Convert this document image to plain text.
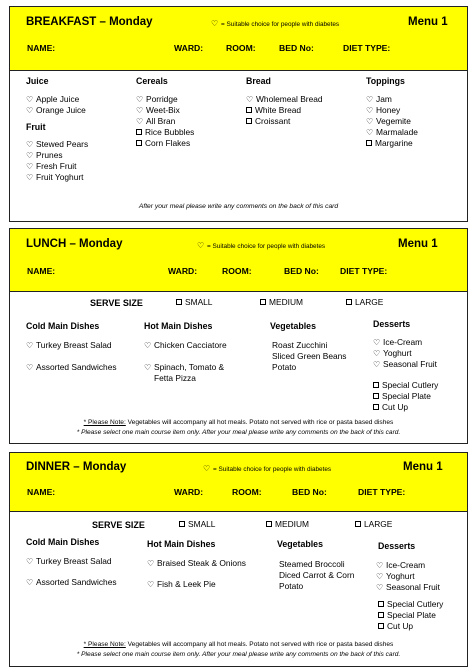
BREAKFAST – Monday	♡ = Suitable choice for people with diabetes	Menu 1
NAME:	WARD:	ROOM:	BED No:	DIET TYPE:
Juice
♡ Apple Juice
♡ Orange Juice
Fruit
♡ Stewed Pears
♡ Prunes
♡ Fresh Fruit
♡ Fruit Yoghurt
Cereals
♡ Porridge
♡ Weet-Bix
♡ All Bran
Rice Bubbles
Corn Flakes
Bread
♡ Wholemeal Bread
White Bread
Croissant
Toppings
♡ Jam
♡ Honey
♡ Vegemite
♡ Marmalade
Margarine
After your meal please write any comments on the back of this card
LUNCH – Monday	♡ = Suitable choice for people with diabetes	Menu 1
NAME:	WARD:	ROOM:	BED No: DIET TYPE:
SERVE SIZE	SMALL	MEDIUM	LARGE
Cold Main Dishes
♡ Turkey Breast Salad
♡ Assorted Sandwiches
Hot Main Dishes
♡ Chicken Cacciatore
♡ Spinach, Tomato &
Fetta Pizza
Vegetables
Roast Zucchini
Sliced Green Beans
Potato
Desserts
♡ Ice-Cream
♡ Yoghurt
♡ Seasonal Fruit
Special Cutlery
Special Plate
Cut Up
* Please Note: Vegetables will accompany all hot meals. Potato not served with rice or pasta based dishes
* Please select one main course item only. After your meal please write any comments on the back of this card.
DINNER – Monday	♡ = Suitable choice for people with diabetes	Menu 1
NAME:	WARD:	ROOM:	BED No:	DIET TYPE:
SERVE SIZE	SMALL	MEDIUM	LARGE
Cold Main Dishes
♡ Turkey Breast Salad
♡ Assorted Sandwiches
Hot Main Dishes
♡ Braised Steak & Onions
♡ Fish & Leek Pie
Vegetables
Steamed Broccoli
Diced Carrot & Corn
Potato
Desserts
♡ Ice-Cream
♡ Yoghurt
♡ Seasonal Fruit
Special Cutlery
Special Plate
Cut Up
* Please Note: Vegetables will accompany all hot meals. Potato not served with rice or pasta based dishes
* Please select one main course item only. After your meal please write any comments on the back of this card.
